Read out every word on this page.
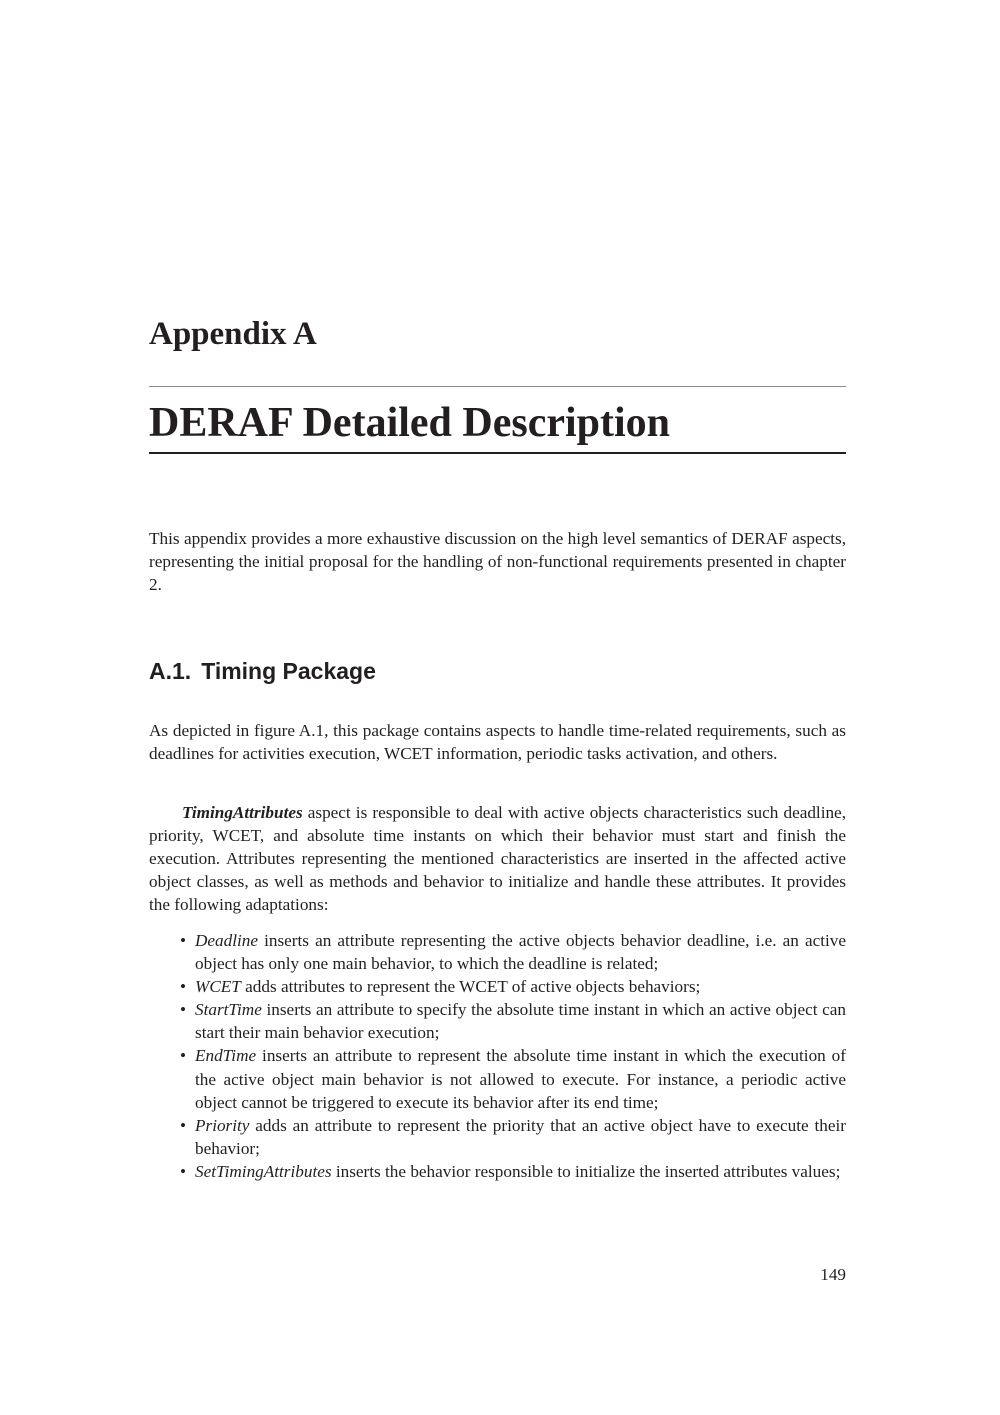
Appendix A
DERAF Detailed Description

This appendix provides a more exhaustive discussion on the high level semantics of DERAF aspects, representing the initial proposal for the handling of non-functional requirements presented in chapter 2.

A.1. Timing Package

As depicted in figure A.1, this package contains aspects to handle time-related requirements, such as deadlines for activities execution, WCET information, periodic tasks activation, and others.

TimingAttributes aspect is responsible to deal with active objects characteristics such deadline, priority, WCET, and absolute time instants on which their behavior must start and finish the execution. Attributes representing the mentioned characteristics are inserted in the affected active object classes, as well as methods and behavior to initialize and handle these attributes. It provides the following adaptations:

• Deadline inserts an attribute representing the active objects behavior deadline, i.e. an active object has only one main behavior, to which the deadline is related;
• WCET adds attributes to represent the WCET of active objects behaviors;
• StartTime inserts an attribute to specify the absolute time instant in which an active object can start their main behavior execution;
• EndTime inserts an attribute to represent the absolute time instant in which the execution of the active object main behavior is not allowed to execute. For instance, a periodic active object cannot be triggered to execute its behavior after its end time;
• Priority adds an attribute to represent the priority that an active object have to execute their behavior;
• SetTimingAttributes inserts the behavior responsible to initialize the inserted attributes values;

149
